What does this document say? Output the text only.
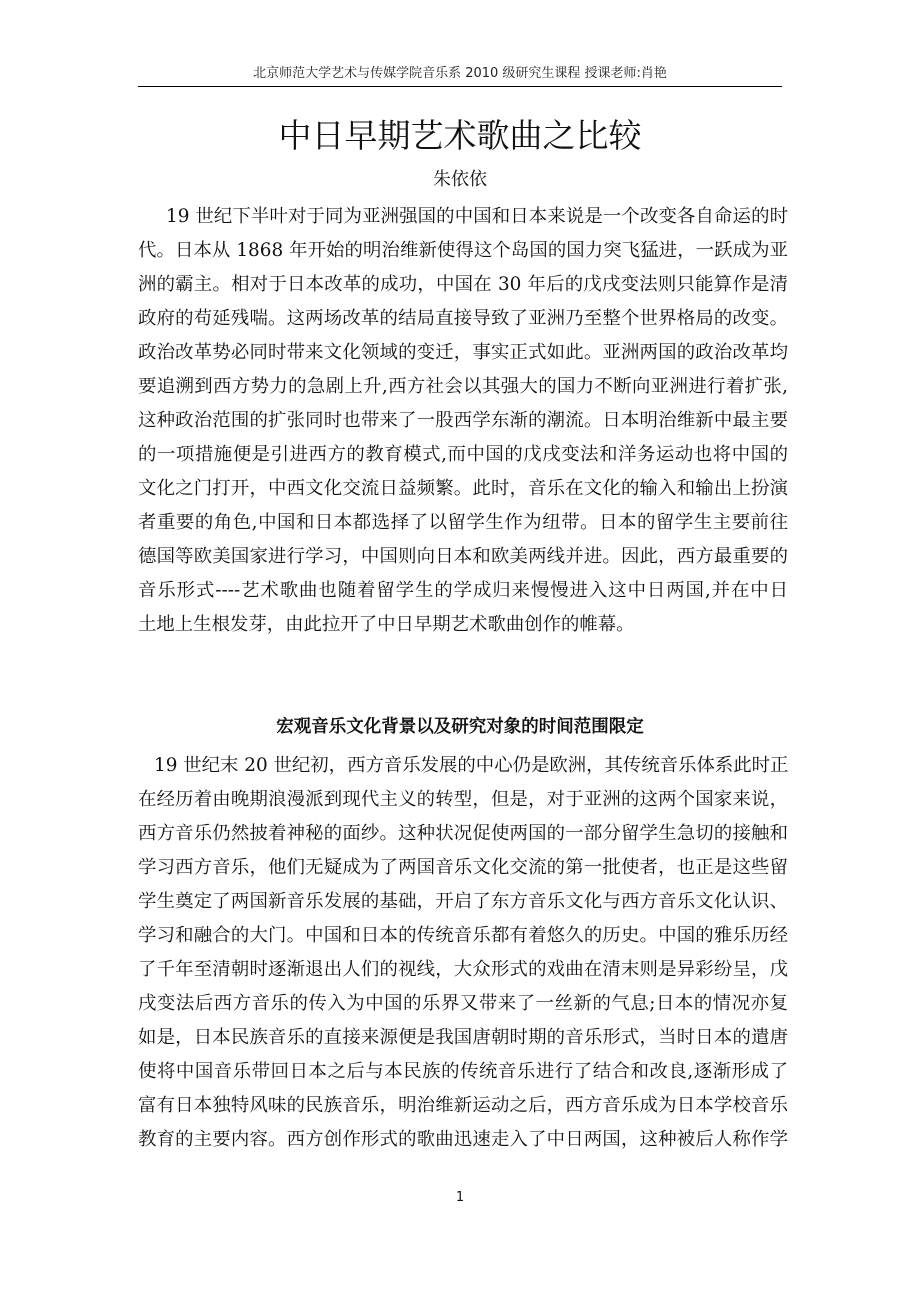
北京师范大学艺术与传媒学院音乐系 2010 级研究生课程 授课老师:肖艳
中日早期艺术歌曲之比较
朱依依
19 世纪下半叶对于同为亚洲强国的中国和日本来说是一个改变各自命运的时
代。日本从 1868 年开始的明治维新使得这个岛国的国力突飞猛进，一跃成为亚
洲的霸主。相对于日本改革的成功，中国在 30 年后的戊戌变法则只能算作是清
政府的苟延残喘。这两场改革的结局直接导致了亚洲乃至整个世界格局的改变。
政治改革势必同时带来文化领域的变迁，事实正式如此。亚洲两国的政治改革均
要追溯到西方势力的急剧上升,西方社会以其强大的国力不断向亚洲进行着扩张,
这种政治范围的扩张同时也带来了一股西学东渐的潮流。日本明治维新中最主要
的一项措施便是引进西方的教育模式,而中国的戊戌变法和洋务运动也将中国的
文化之门打开，中西文化交流日益频繁。此时，音乐在文化的输入和输出上扮演
者重要的角色,中国和日本都选择了以留学生作为纽带。日本的留学生主要前往
德国等欧美国家进行学习，中国则向日本和欧美两线并进。因此，西方最重要的
音乐形式----艺术歌曲也随着留学生的学成归来慢慢进入这中日两国,并在中日
土地上生根发芽，由此拉开了中日早期艺术歌曲创作的帷幕。
宏观音乐文化背景以及研究对象的时间范围限定
19 世纪末 20 世纪初，西方音乐发展的中心仍是欧洲，其传统音乐体系此时正
在经历着由晚期浪漫派到现代主义的转型，但是，对于亚洲的这两个国家来说，
西方音乐仍然披着神秘的面纱。这种状况促使两国的一部分留学生急切的接触和
学习西方音乐，他们无疑成为了两国音乐文化交流的第一批使者，也正是这些留
学生奠定了两国新音乐发展的基础，开启了东方音乐文化与西方音乐文化认识、
学习和融合的大门。中国和日本的传统音乐都有着悠久的历史。中国的雅乐历经
了千年至清朝时逐渐退出人们的视线，大众形式的戏曲在清末则是异彩纷呈，戊
戌变法后西方音乐的传入为中国的乐界又带来了一丝新的气息;日本的情况亦复
如是，日本民族音乐的直接来源便是我国唐朝时期的音乐形式，当时日本的遣唐
使将中国音乐带回日本之后与本民族的传统音乐进行了结合和改良,逐渐形成了
富有日本独特风味的民族音乐，明治维新运动之后，西方音乐成为日本学校音乐
教育的主要内容。西方创作形式的歌曲迅速走入了中日两国，这种被后人称作学
1
